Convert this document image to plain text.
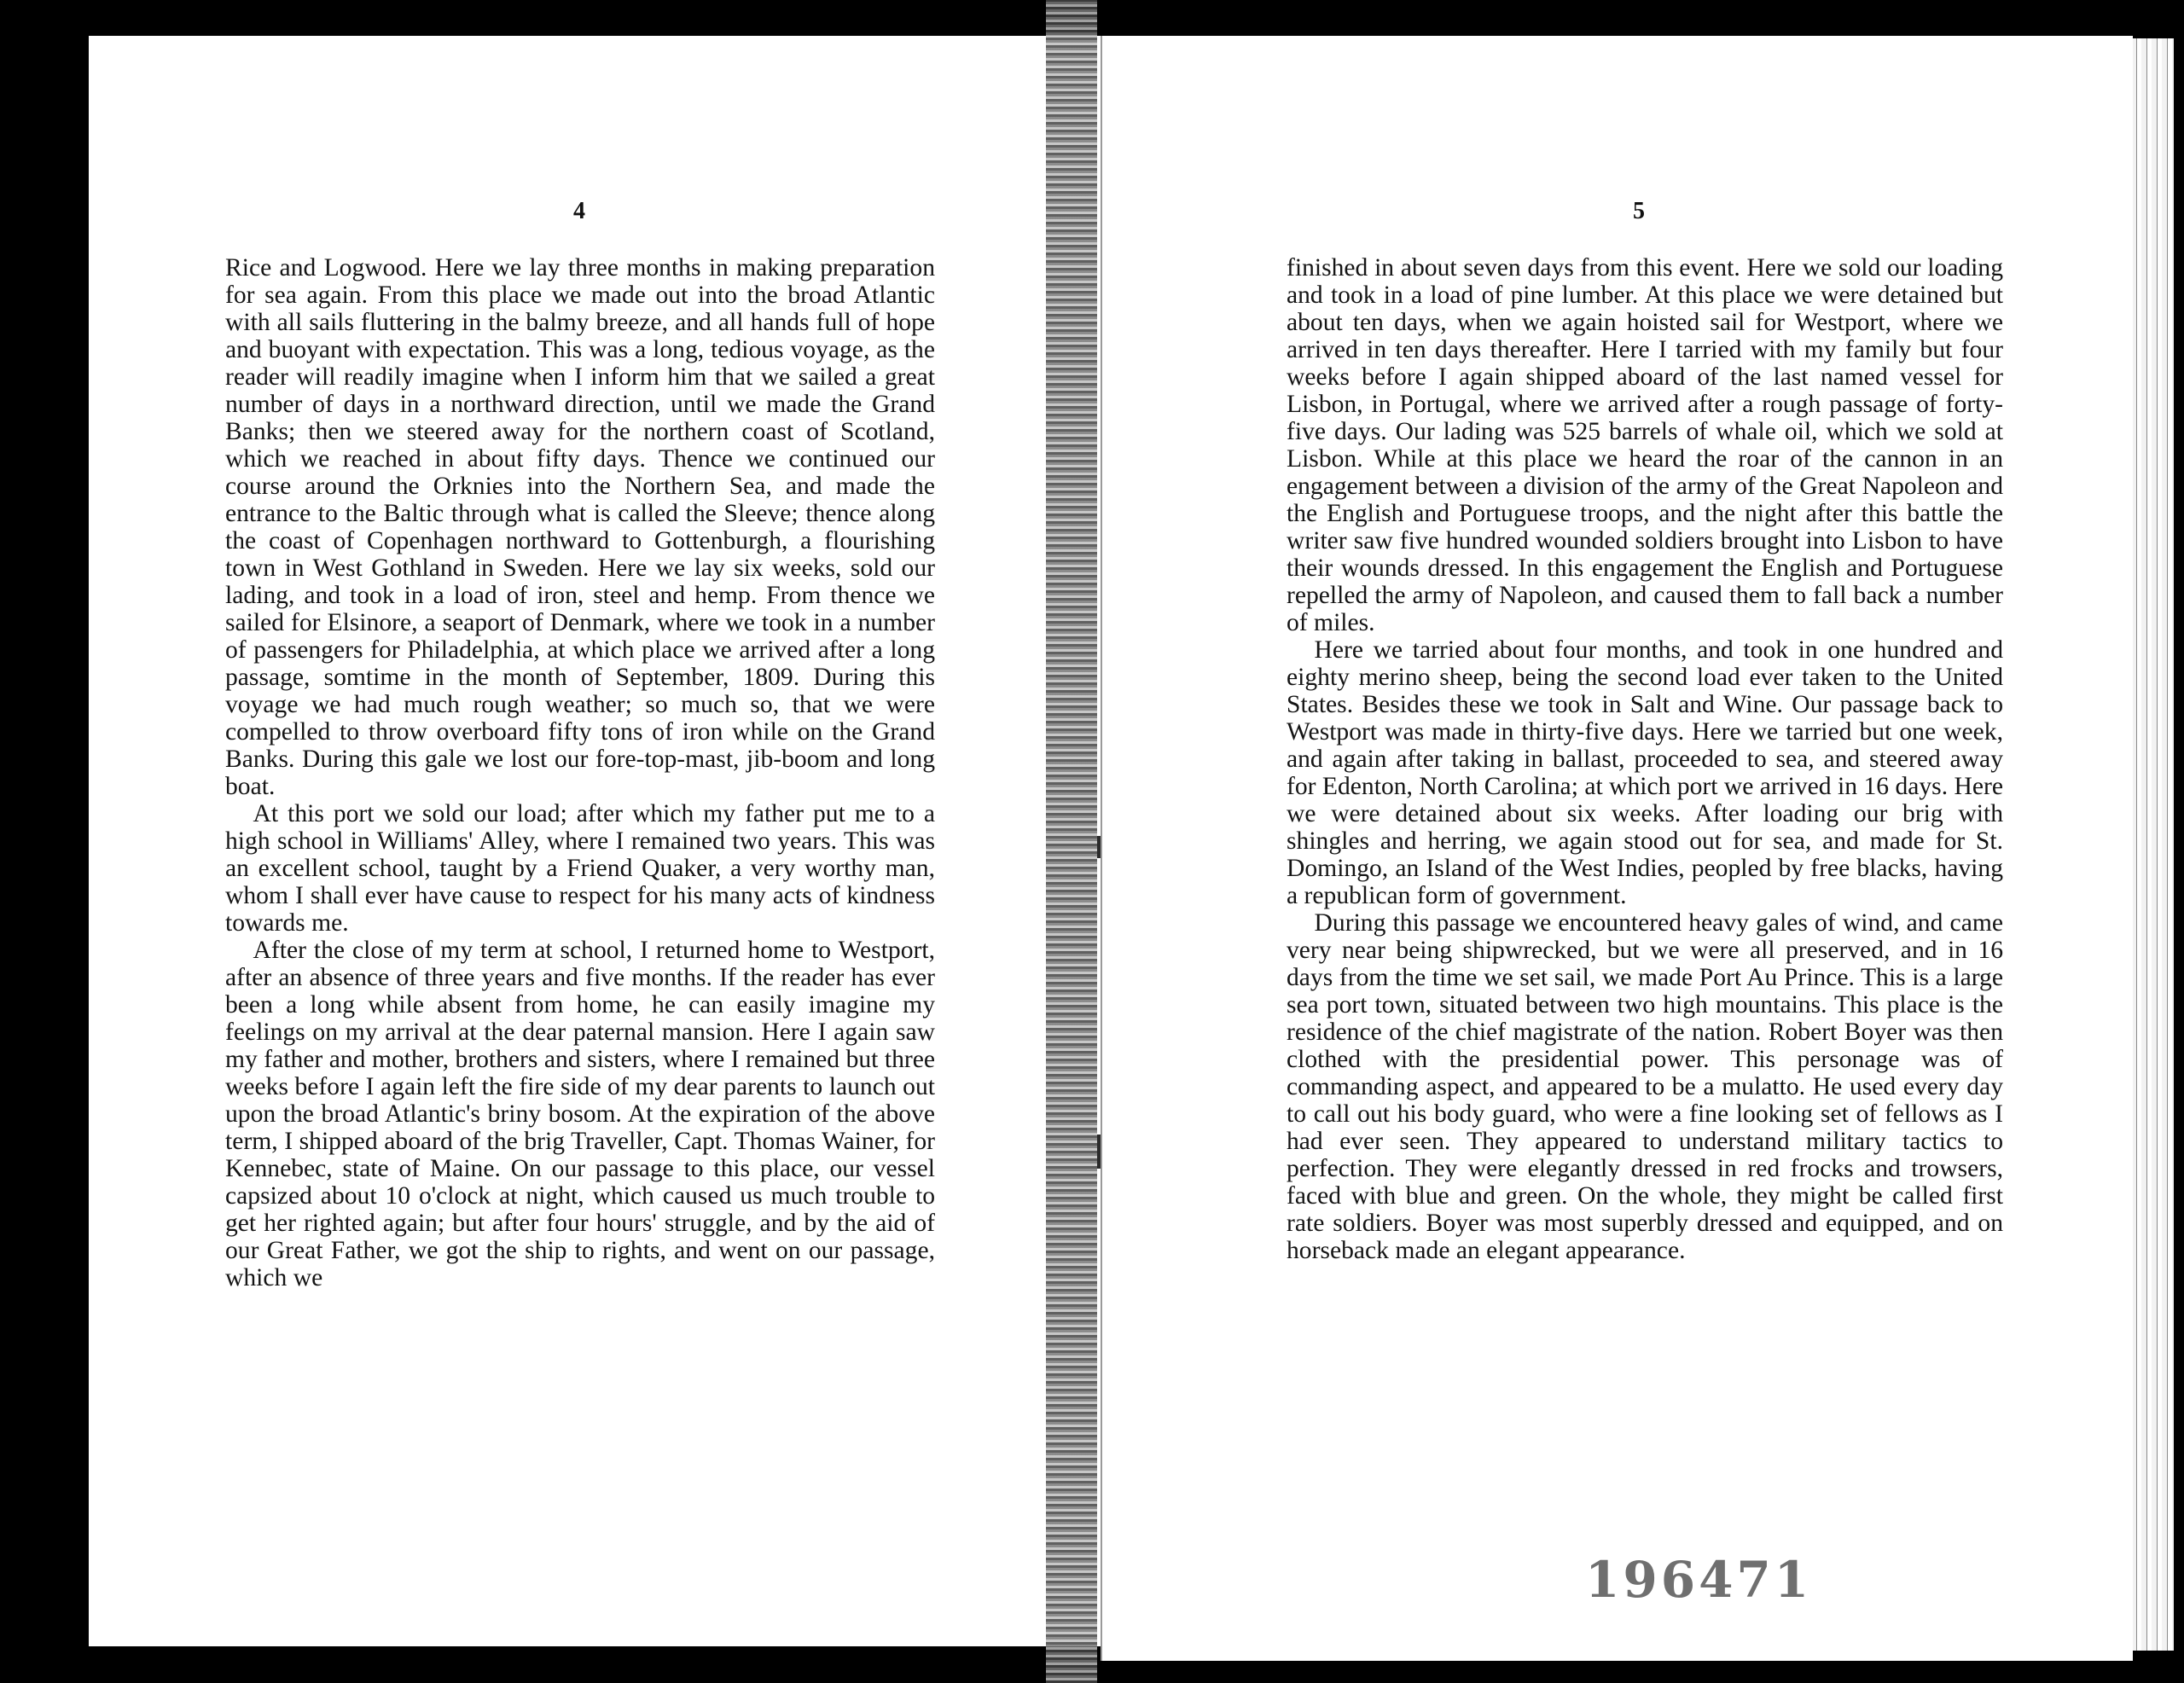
4

Rice and Logwood. Here we lay three months in making preparation for sea again. From this place we made out into the broad Atlantic with all sails fluttering in the balmy breeze, and all hands full of hope and buoyant with expectation. This was a long, tedious voyage, as the reader will readily imagine when I inform him that we sailed a great number of days in a northward direction, until we made the Grand Banks; then we steered away for the northern coast of Scotland, which we reached in about fifty days. Thence we continued our course around the Orknies into the Northern Sea, and made the entrance to the Baltic through what is called the Sleeve; thence along the coast of Copenhagen northward to Gottenburgh, a flourishing town in West Gothland in Sweden. Here we lay six weeks, sold our lading, and took in a load of iron, steel and hemp. From thence we sailed for Elsinore, a seaport of Denmark, where we took in a number of passengers for Philadelphia, at which place we arrived after a long passage, somtime in the month of September, 1809. During this voyage we had much rough weather; so much so, that we were compelled to throw overboard fifty tons of iron while on the Grand Banks. During this gale we lost our fore-top-mast, jib-boom and long boat.

At this port we sold our load; after which my father put me to a high school in Williams' Alley, where I remained two years. This was an excellent school, taught by a Friend Quaker, a very worthy man, whom I shall ever have cause to respect for his many acts of kindness towards me.

After the close of my term at school, I returned home to Westport, after an absence of three years and five months. If the reader has ever been a long while absent from home, he can easily imagine my feelings on my arrival at the dear paternal mansion. Here I again saw my father and mother, brothers and sisters, where I remained but three weeks before I again left the fire side of my dear parents to launch out upon the broad Atlantic's briny bosom. At the expiration of the above term, I shipped aboard of the brig Traveller, Capt. Thomas Wainer, for Kennebec, state of Maine. On our passage to this place, our vessel capsized about 10 o'clock at night, which caused us much trouble to get her righted again; but after four hours' struggle, and by the aid of our Great Father, we got the ship to rights, and went on our passage, which we

5

finished in about seven days from this event. Here we sold our loading and took in a load of pine lumber. At this place we were detained but about ten days, when we again hoisted sail for Westport, where we arrived in ten days thereafter. Here I tarried with my family but four weeks before I again shipped aboard of the last named vessel for Lisbon, in Portugal, where we arrived after a rough passage of forty-five days. Our lading was 525 barrels of whale oil, which we sold at Lisbon. While at this place we heard the roar of the cannon in an engagement between a division of the army of the Great Napoleon and the English and Portuguese troops, and the night after this battle the writer saw five hundred wounded soldiers brought into Lisbon to have their wounds dressed. In this engagement the English and Portuguese repelled the army of Napoleon, and caused them to fall back a number of miles.

Here we tarried about four months, and took in one hundred and eighty merino sheep, being the second load ever taken to the United States. Besides these we took in Salt and Wine. Our passage back to Westport was made in thirty-five days. Here we tarried but one week, and again after taking in ballast, proceeded to sea, and steered away for Edenton, North Carolina; at which port we arrived in 16 days. Here we were detained about six weeks. After loading our brig with shingles and herring, we again stood out for sea, and made for St. Domingo, an Island of the West Indies, peopled by free blacks, having a republican form of government.

During this passage we encountered heavy gales of wind, and came very near being shipwrecked, but we were all preserved, and in 16 days from the time we set sail, we made Port Au Prince. This is a large sea port town, situated between two high mountains. This place is the residence of the chief magistrate of the nation. Robert Boyer was then clothed with the presidential power. This personage was of commanding aspect, and appeared to be a mulatto. He used every day to call out his body guard, who were a fine looking set of fellows as I had ever seen. They appeared to understand military tactics to perfection. They were elegantly dressed in red frocks and trowsers, faced with blue and green. On the whole, they might be called first rate soldiers. Boyer was most superbly dressed and equipped, and on horseback made an elegant appearance.

196471
